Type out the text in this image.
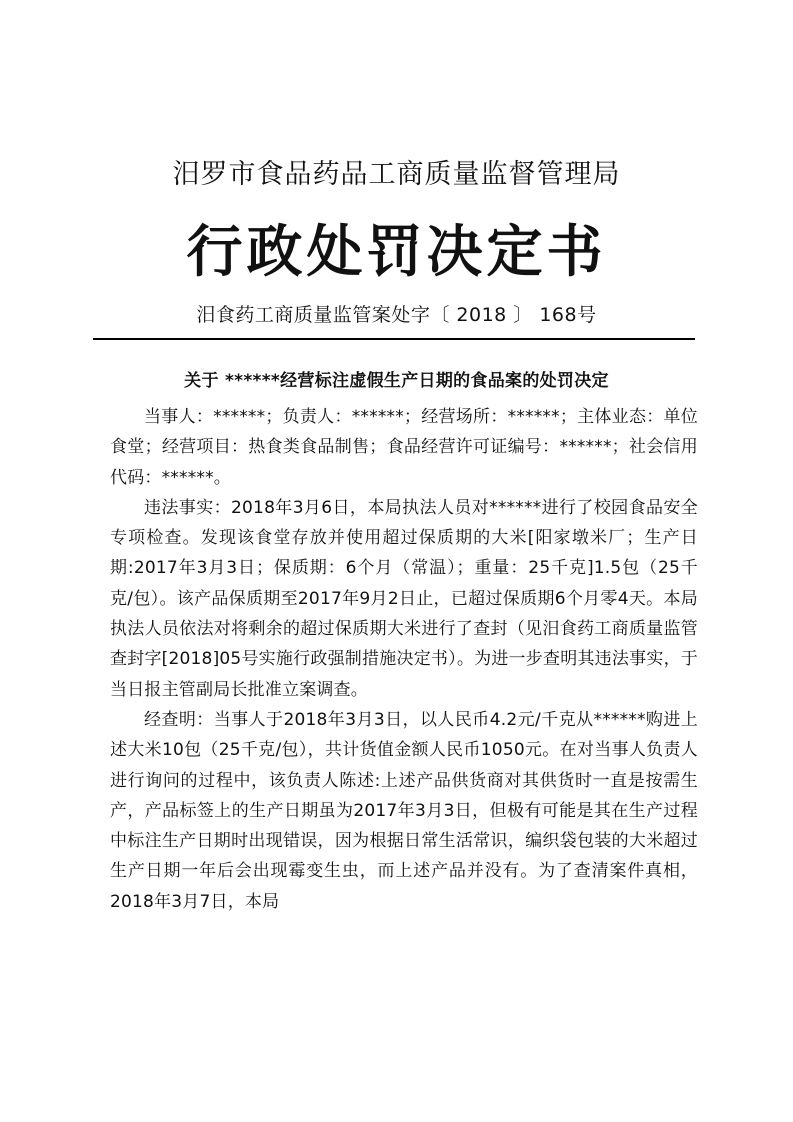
汨罗市食品药品工商质量监督管理局
行政处罚决定书
汨食药工商质量监管案处字〔 2018 〕 168号
关于 ******经营标注虚假生产日期的食品案的处罚决定

当事人：******；负责人：******；经营场所：******；主体业态：单位食堂；经营项目：热食类食品制售；食品经营许可证编号：******；社会信用代码：******。

违法事实：2018年3月6日，本局执法人员对******进行了校园食品安全专项检查。发现该食堂存放并使用超过保质期的大米[阳家墩米厂；生产日期:2017年3月3日；保质期：6个月（常温）；重量：25千克]1.5包（25千克/包）。该产品保质期至2017年9月2日止，已超过保质期6个月零4天。本局执法人员依法对将剩余的超过保质期大米进行了查封（见汨食药工商质量监管查封字[2018]05号实施行政强制措施决定书）。为进一步查明其违法事实，于当日报主管副局长批准立案调查。

经查明：当事人于2018年3月3日，以人民币4.2元/千克从******购进上述大米10包（25千克/包），共计货值金额人民币1050元。在对当事人负责人进行询问的过程中，该负责人陈述:上述产品供货商对其供货时一直是按需生产，产品标签上的生产日期虽为2017年3月3日，但极有可能是其在生产过程中标注生产日期时出现错误，因为根据日常生活常识，编织袋包装的大米超过生产日期一年后会出现霉变生虫，而上述产品并没有。为了查清案件真相，2018年3月7日，本局
